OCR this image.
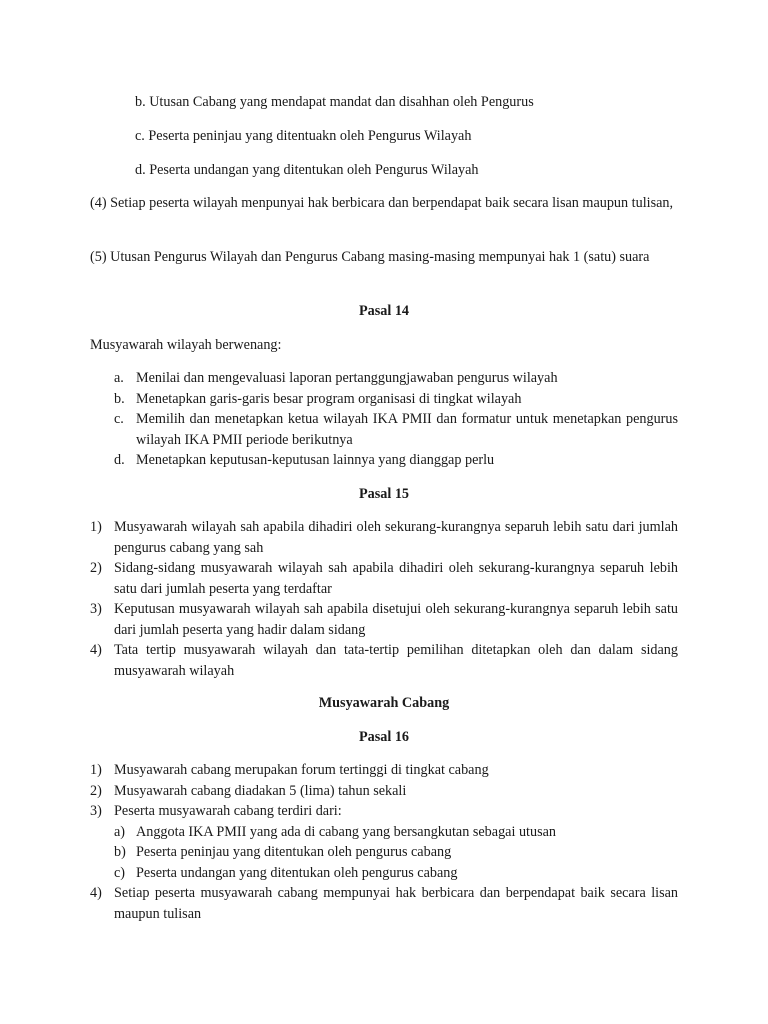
b. Utusan Cabang yang mendapat mandat dan disahhan oleh Pengurus
c. Peserta peninjau yang ditentuakn oleh Pengurus Wilayah
d. Peserta undangan yang ditentukan oleh Pengurus Wilayah
(4) Setiap peserta wilayah menpunyai hak berbicara dan berpendapat baik secara lisan maupun tulisan,
(5) Utusan Pengurus Wilayah dan Pengurus Cabang masing-masing mempunyai hak 1 (satu) suara
Pasal 14
Musyawarah wilayah berwenang:
a. Menilai dan mengevaluasi laporan pertanggungjawaban pengurus wilayah
b. Menetapkan garis-garis besar program organisasi di tingkat wilayah
c. Memilih dan menetapkan ketua wilayah IKA PMII dan formatur untuk menetapkan pengurus wilayah IKA PMII periode berikutnya
d. Menetapkan keputusan-keputusan lainnya yang dianggap perlu
Pasal 15
1) Musyawarah wilayah sah apabila dihadiri oleh sekurang-kurangnya separuh lebih satu dari jumlah pengurus cabang yang sah
2) Sidang-sidang musyawarah wilayah sah apabila dihadiri oleh sekurang-kurangnya separuh lebih satu dari jumlah peserta yang terdaftar
3) Keputusan musyawarah wilayah sah apabila disetujui oleh sekurang-kurangnya separuh lebih satu dari jumlah peserta yang hadir dalam sidang
4) Tata tertip musyawarah wilayah dan tata-tertip pemilihan ditetapkan oleh dan dalam sidang musyawarah wilayah
Musyawarah Cabang
Pasal 16
1) Musyawarah cabang merupakan forum tertinggi di tingkat cabang
2) Musyawarah cabang diadakan 5 (lima) tahun sekali
3) Peserta musyawarah cabang terdiri dari:
a) Anggota IKA PMII yang ada di cabang yang bersangkutan sebagai utusan
b) Peserta peninjau yang ditentukan oleh pengurus cabang
c) Peserta undangan yang ditentukan oleh pengurus cabang
4) Setiap peserta musyawarah cabang mempunyai hak berbicara dan berpendapat baik secara lisan maupun tulisan
